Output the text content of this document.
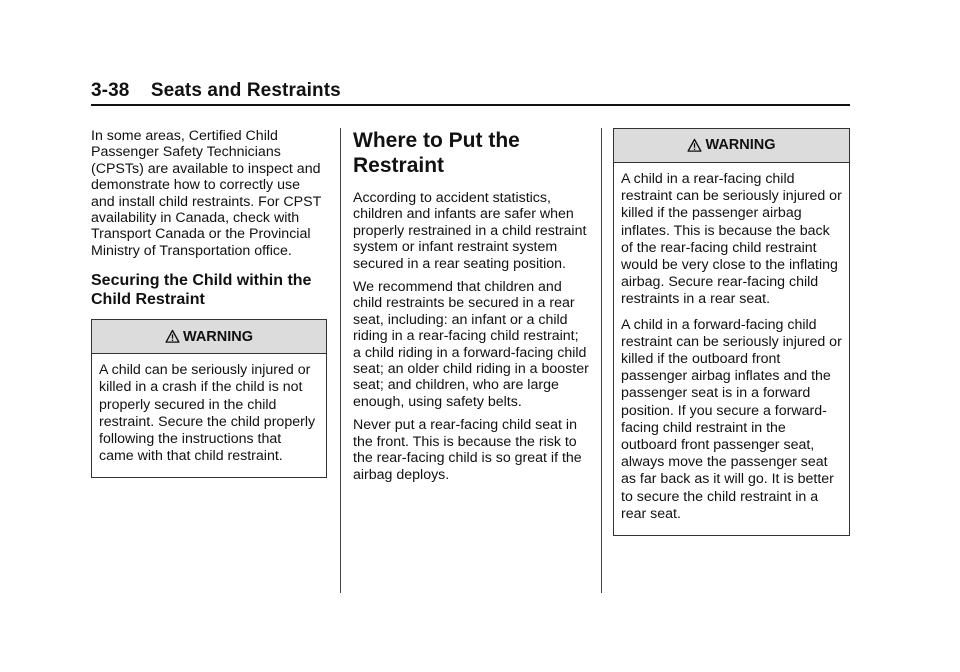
3-38 Seats and Restraints

In some areas, Certified Child Passenger Safety Technicians (CPSTs) are available to inspect and demonstrate how to correctly use and install child restraints. For CPST availability in Canada, check with Transport Canada or the Provincial Ministry of Transportation office.

Securing the Child within the Child Restraint
WARNING

A child can be seriously injured or killed in a crash if the child is not properly secured in the child restraint. Secure the child properly following the instructions that came with that child restraint.

Where to Put the Restraint

According to accident statistics, children and infants are safer when properly restrained in a child restraint system or infant restraint system secured in a rear seating position.

We recommend that children and child restraints be secured in a rear seat, including: an infant or a child riding in a rear-facing child restraint; a child riding in a forward-facing child seat; an older child riding in a booster seat; and children, who are large enough, using safety belts.

Never put a rear-facing child seat in the front. This is because the risk to the rear-facing child is so great if the airbag deploys.

WARNING

A child in a rear-facing child restraint can be seriously injured or killed if the passenger airbag inflates. This is because the back of the rear-facing child restraint would be very close to the inflating airbag. Secure rear-facing child restraints in a rear seat.

A child in a forward-facing child restraint can be seriously injured or killed if the outboard front passenger airbag inflates and the passenger seat is in a forward position. If you secure a forward-facing child restraint in the outboard front passenger seat, always move the passenger seat as far back as it will go. It is better to secure the child restraint in a rear seat.
